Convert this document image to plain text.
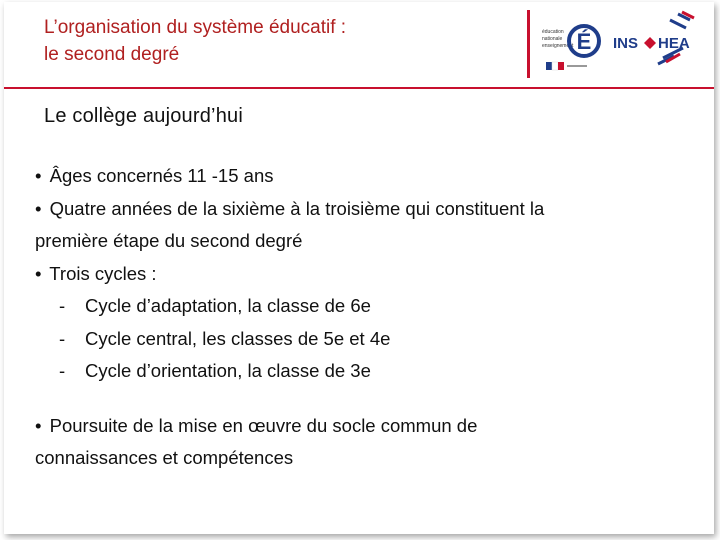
L’organisation du système éducatif :
le second degré
éducation
nationale
enseignement É INS HEA
Le collège aujourd’hui

• Âges concernés 11 -15 ans

• Quatre années de la sixième à la troisième qui constituent la

première étape du second degré

• Trois cycles :

- Cycle d’adaptation, la classe de 6e

- Cycle central, les classes de 5e et 4e

- Cycle d’orientation, la classe de 3e

• Poursuite de la mise en œuvre du socle commun de

connaissances et compétences
